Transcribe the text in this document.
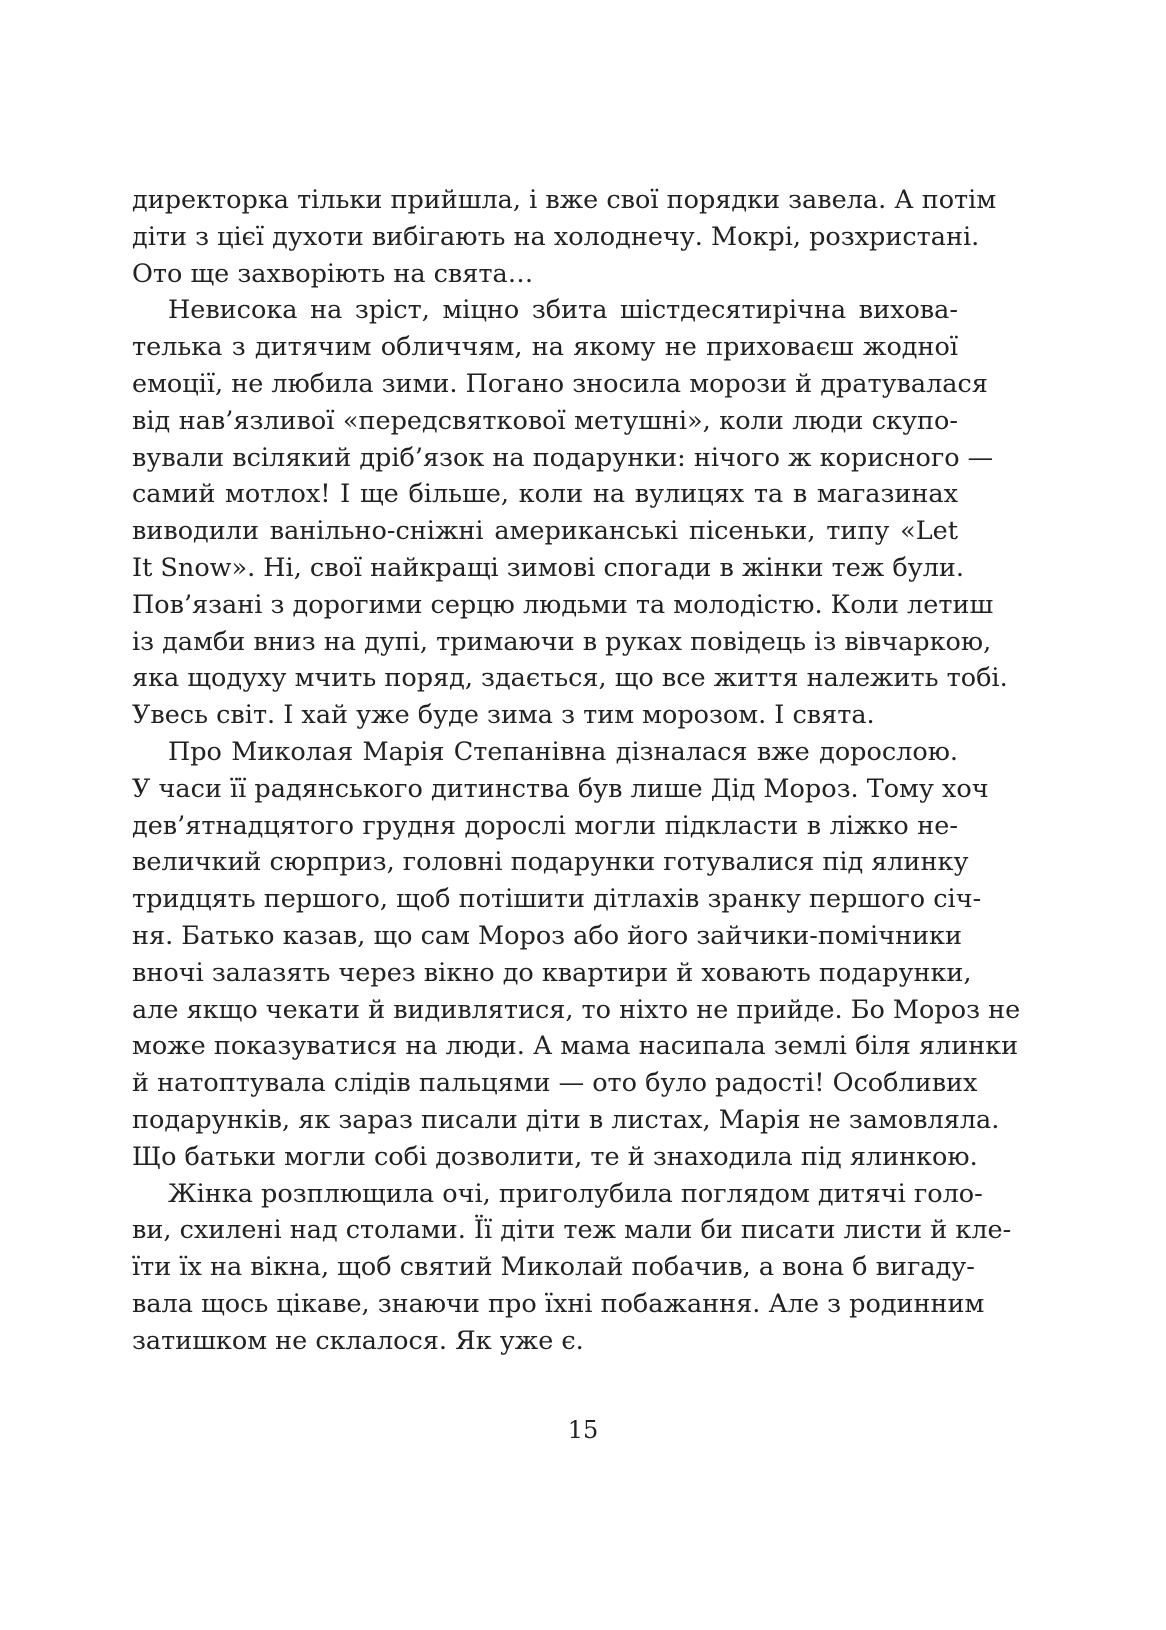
директорка тільки прийшла, і вже свої порядки завела. А потім
діти з цієї духоти вибігають на холоднечу. Мокрі, розхристані.
Ото ще захворіють на свята…
Невисока на зріст, міцно збита шістдесятирічна вихова-
телька з дитячим обличчям, на якому не приховаєш жодної
емоції, не любила зими. Погано зносила морози й дратувалася
від нав’язливої «передсвяткової метушні», коли люди скупо-
вували всілякий дріб’язок на подарунки: нічого ж корисного —
самий мотлох! І ще більше, коли на вулицях та в магазинах
виводили ванільно-сніжні американські пісеньки, типу «Let
It Snow». Ні, свої найкращі зимові спогади в жінки теж були.
Пов’язані з дорогими серцю людьми та молодістю. Коли летиш
із дамби вниз на дупі, тримаючи в руках повідець із вівчаркою,
яка щодуху мчить поряд, здається, що все життя належить тобі.
Увесь світ. І хай уже буде зима з тим морозом. І свята.
Про Миколая Марія Степанівна дізналася вже дорослою.
У часи її радянського дитинства був лише Дід Мороз. Тому хоч
дев’ятнадцятого грудня дорослі могли підкласти в ліжко не-
величкий сюрприз, головні подарунки готувалися під ялинку
тридцять першого, щоб потішити дітлахів зранку першого січ-
ня. Батько казав, що сам Мороз або його зайчики-помічники
вночі залазять через вікно до квартири й ховають подарунки,
але якщо чекати й видивлятися, то ніхто не прийде. Бо Мороз не
може показуватися на люди. А мама насипала землі біля ялинки
й натоптувала слідів пальцями — ото було радості! Особливих
подарунків, як зараз писали діти в листах, Марія не замовляла.
Що батьки могли собі дозволити, те й знаходила під ялинкою.
Жінка розплющила очі, приголубила поглядом дитячі голо-
ви, схилені над столами. Її діти теж мали би писати листи й кле-
їти їх на вікна, щоб святий Миколай побачив, а вона б вигаду-
вала щось цікаве, знаючи про їхні побажання. Але з родинним
затишком не склалося. Як уже є.
15
